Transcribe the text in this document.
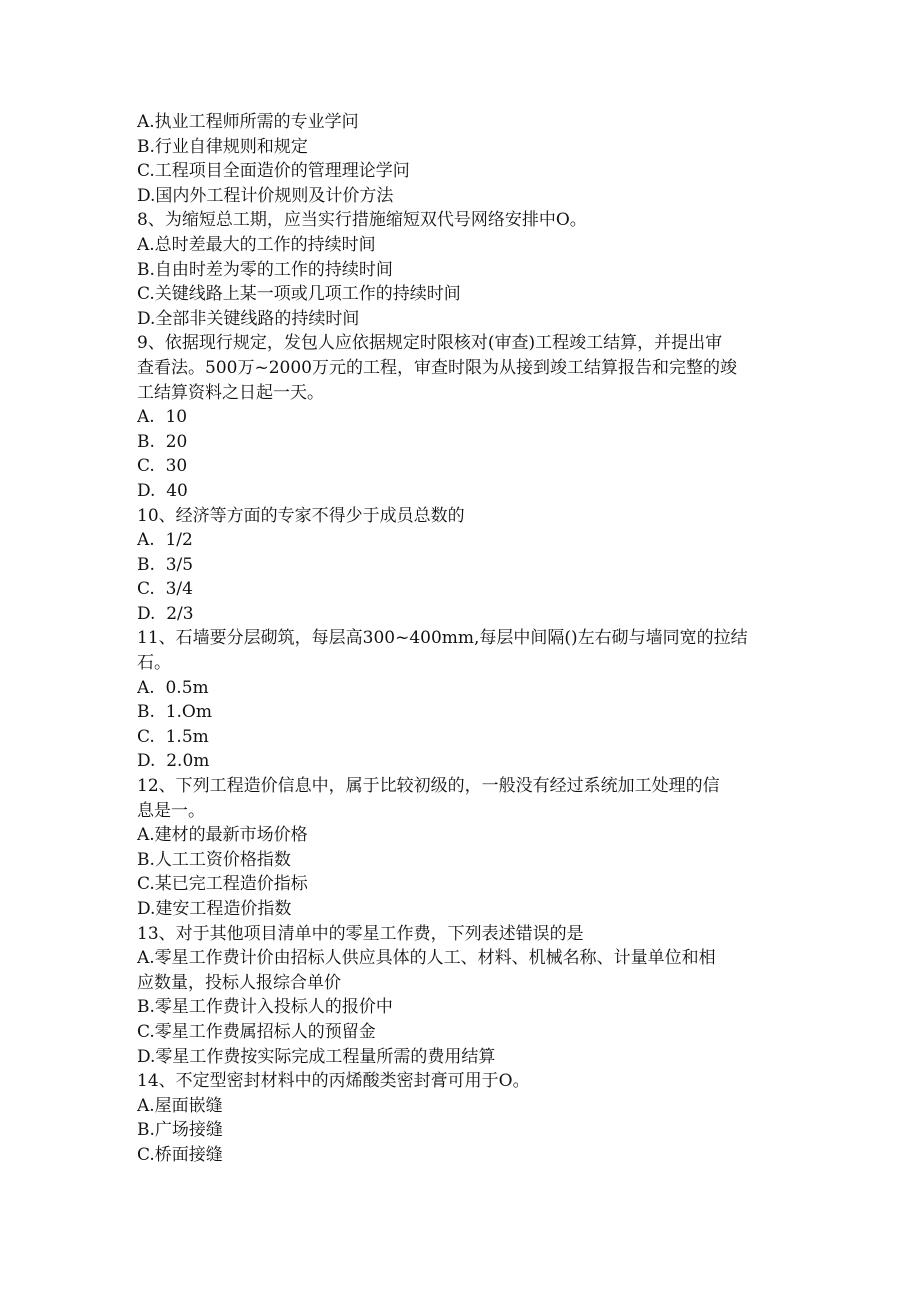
A.执业工程师所需的专业学问
B.行业自律规则和规定
C.工程项目全面造价的管理理论学问
D.国内外工程计价规则及计价方法
8、为缩短总工期，应当实行措施缩短双代号网络安排中O。
A.总时差最大的工作的持续时间
B.自由时差为零的工作的持续时间
C.关键线路上某一项或几项工作的持续时间
D.全部非关键线路的持续时间
9、依据现行规定，发包人应依据规定时限核对(审查)工程竣工结算，并提出审
查看法。500万~2000万元的工程，审查时限为从接到竣工结算报告和完整的竣
工结算资料之日起一天。
A.  10
B.  20
C.  30
D.  40
10、经济等方面的专家不得少于成员总数的
A.  1/2
B.  3/5
C.  3/4
D.  2/3
11、石墙要分层砌筑，每层高300~400mm,每层中间隔()左右砌与墙同宽的拉结
石。
A.  0.5m
B.  1.Om
C.  1.5m
D.  2.0m
12、下列工程造价信息中，属于比较初级的，一般没有经过系统加工处理的信
息是一。
A.建材的最新市场价格
B.人工工资价格指数
C.某已完工程造价指标
D.建安工程造价指数
13、对于其他项目清单中的零星工作费，下列表述错误的是
A.零星工作费计价由招标人供应具体的人工、材料、机械名称、计量单位和相
应数量，投标人报综合单价
B.零星工作费计入投标人的报价中
C.零星工作费属招标人的预留金
D.零星工作费按实际完成工程量所需的费用结算
14、不定型密封材料中的丙烯酸类密封膏可用于O。
A.屋面嵌缝
B.广场接缝
C.桥面接缝
